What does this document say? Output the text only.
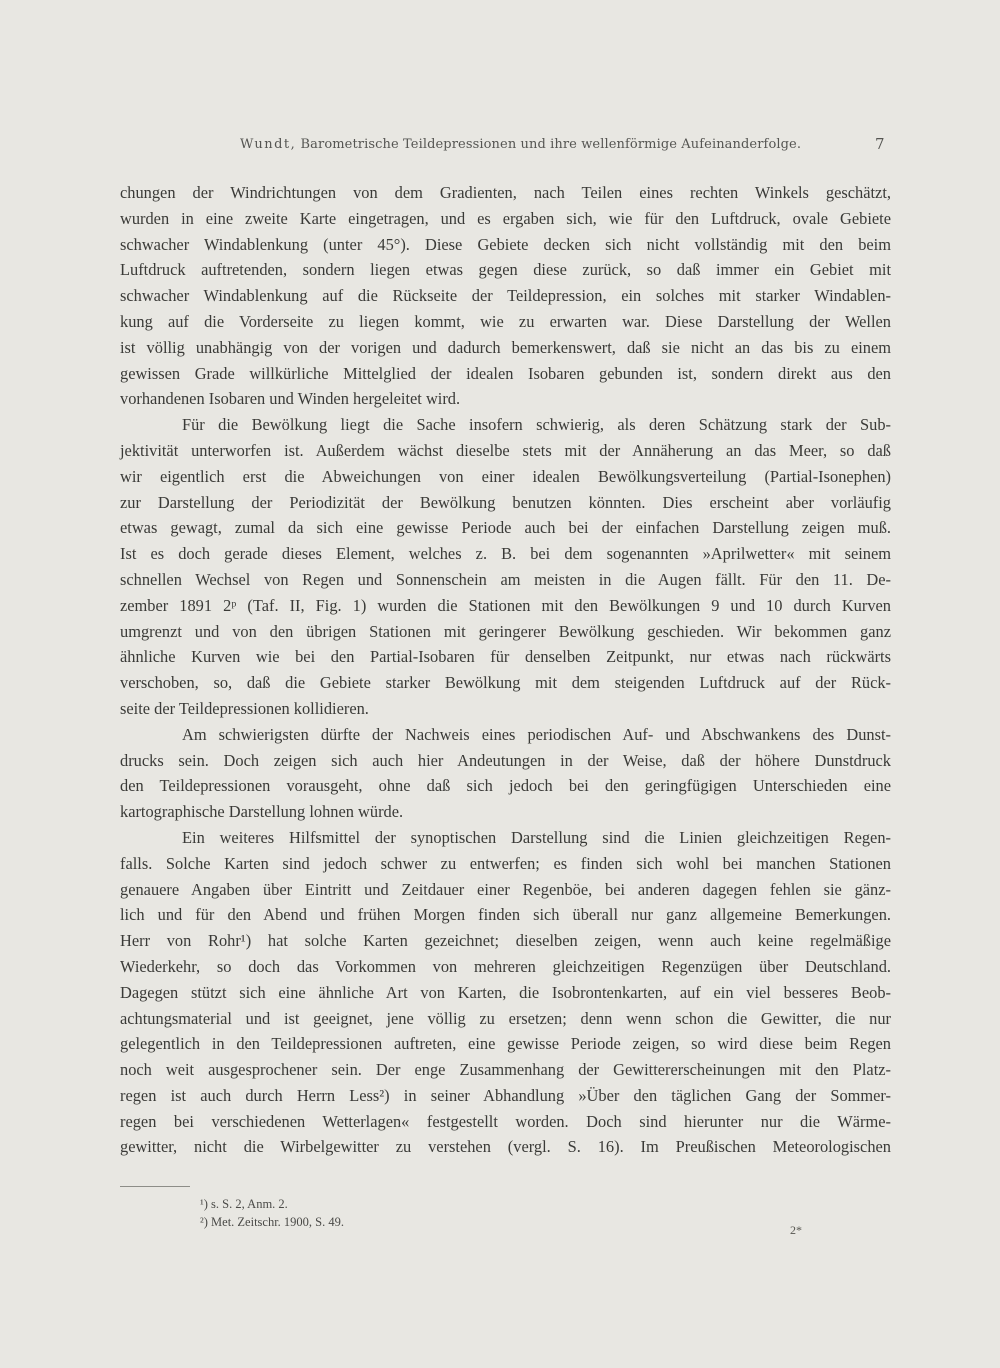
Wundt, Barometrische Teildepressionen und ihre wellenförmige Aufeinanderfolge.	7
chungen der Windrichtungen von dem Gradienten, nach Teilen eines rechten Winkels geschätzt,
wurden in eine zweite Karte eingetragen, und es ergaben sich, wie für den Luftdruck, ovale Gebiete
schwacher Windablenkung (unter 45°). Diese Gebiete decken sich nicht vollständig mit den beim
Luftdruck auftretenden, sondern liegen etwas gegen diese zurück, so daß immer ein Gebiet mit
schwacher Windablenkung auf die Rückseite der Teildepression, ein solches mit starker Windablen-
kung auf die Vorderseite zu liegen kommt, wie zu erwarten war. Diese Darstellung der Wellen
ist völlig unabhängig von der vorigen und dadurch bemerkenswert, daß sie nicht an das bis zu einem
gewissen Grade willkürliche Mittelglied der idealen Isobaren gebunden ist, sondern direkt aus den
vorhandenen Isobaren und Winden hergeleitet wird.
Für die Bewölkung liegt die Sache insofern schwierig, als deren Schätzung stark der Sub-
jektivität unterworfen ist. Außerdem wächst dieselbe stets mit der Annäherung an das Meer, so daß
wir eigentlich erst die Abweichungen von einer idealen Bewölkungsverteilung (Partial-Isonephen)
zur Darstellung der Periodizität der Bewölkung benutzen könnten. Dies erscheint aber vorläufig
etwas gewagt, zumal da sich eine gewisse Periode auch bei der einfachen Darstellung zeigen muß.
Ist es doch gerade dieses Element, welches z. B. bei dem sogenannten »Aprilwetter« mit seinem
schnellen Wechsel von Regen und Sonnenschein am meisten in die Augen fällt. Für den 11. De-
zember 1891 2ᵖ (Taf. II, Fig. 1) wurden die Stationen mit den Bewölkungen 9 und 10 durch Kurven
umgrenzt und von den übrigen Stationen mit geringerer Bewölkung geschieden. Wir bekommen ganz
ähnliche Kurven wie bei den Partial-Isobaren für denselben Zeitpunkt, nur etwas nach rückwärts
verschoben, so, daß die Gebiete starker Bewölkung mit dem steigenden Luftdruck auf der Rück-
seite der Teildepressionen kollidieren.
Am schwierigsten dürfte der Nachweis eines periodischen Auf- und Abschwankens des Dunst-
drucks sein. Doch zeigen sich auch hier Andeutungen in der Weise, daß der höhere Dunstdruck
den Teildepressionen vorausgeht, ohne daß sich jedoch bei den geringfügigen Unterschieden eine
kartographische Darstellung lohnen würde.
Ein weiteres Hilfsmittel der synoptischen Darstellung sind die Linien gleichzeitigen Regen-
falls. Solche Karten sind jedoch schwer zu entwerfen; es finden sich wohl bei manchen Stationen
genauere Angaben über Eintritt und Zeitdauer einer Regenböe, bei anderen dagegen fehlen sie gänz-
lich und für den Abend und frühen Morgen finden sich überall nur ganz allgemeine Bemerkungen.
Herr von Rohr¹) hat solche Karten gezeichnet; dieselben zeigen, wenn auch keine regelmäßige
Wiederkehr, so doch das Vorkommen von mehreren gleichzeitigen Regenzügen über Deutschland.
Dagegen stützt sich eine ähnliche Art von Karten, die Isobrontenkarten, auf ein viel besseres Beob-
achtungsmaterial und ist geeignet, jene völlig zu ersetzen; denn wenn schon die Gewitter, die nur
gelegentlich in den Teildepressionen auftreten, eine gewisse Periode zeigen, so wird diese beim Regen
noch weit ausgesprochener sein. Der enge Zusammenhang der Gewittererscheinungen mit den Platz-
regen ist auch durch Herrn Less²) in seiner Abhandlung »Über den täglichen Gang der Sommer-
regen bei verschiedenen Wetterlagen« festgestellt worden. Doch sind hierunter nur die Wärme-
gewitter, nicht die Wirbelgewitter zu verstehen (vergl. S. 16). Im Preußischen Meteorologischen
¹) s. S. 2, Anm. 2.
²) Met. Zeitschr. 1900, S. 49.
2*
